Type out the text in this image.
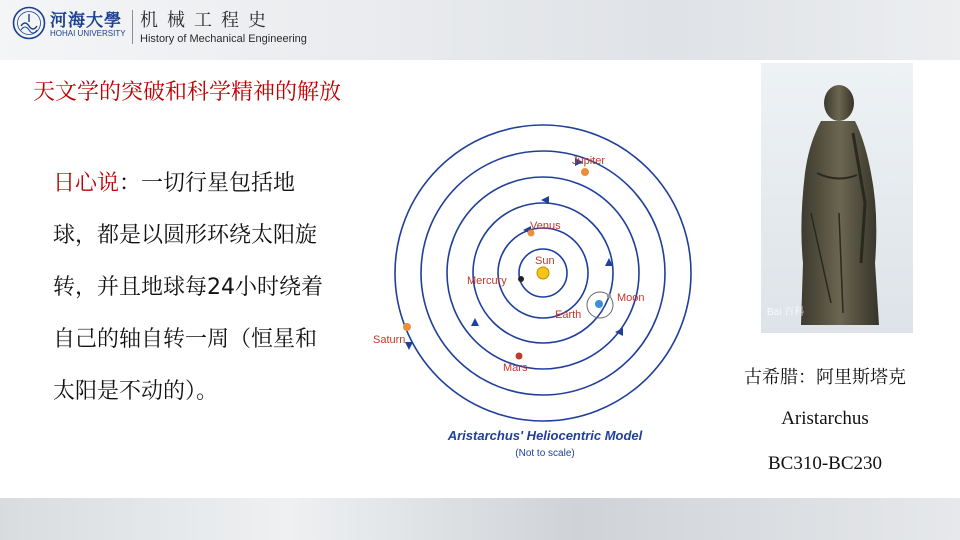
河海大學
HOHAI UNIVERSITY
机械工程史
History of Mechanical Engineering
天文学的突破和科学精神的解放
日心说：一切行星包括地球，都是以圆形环绕太阳旋转，并且地球每24小时绕着自己的轴自转一周（恒星和太阳是不动的）。
Sun
Mercury
Venus
Earth
Moon
Mars
Jupiter
Saturn
Aristarchus' Heliocentric Model
(Not to scale)
Bai 百科
古希腊：阿里斯塔克
Aristarchus
BC310-BC230
